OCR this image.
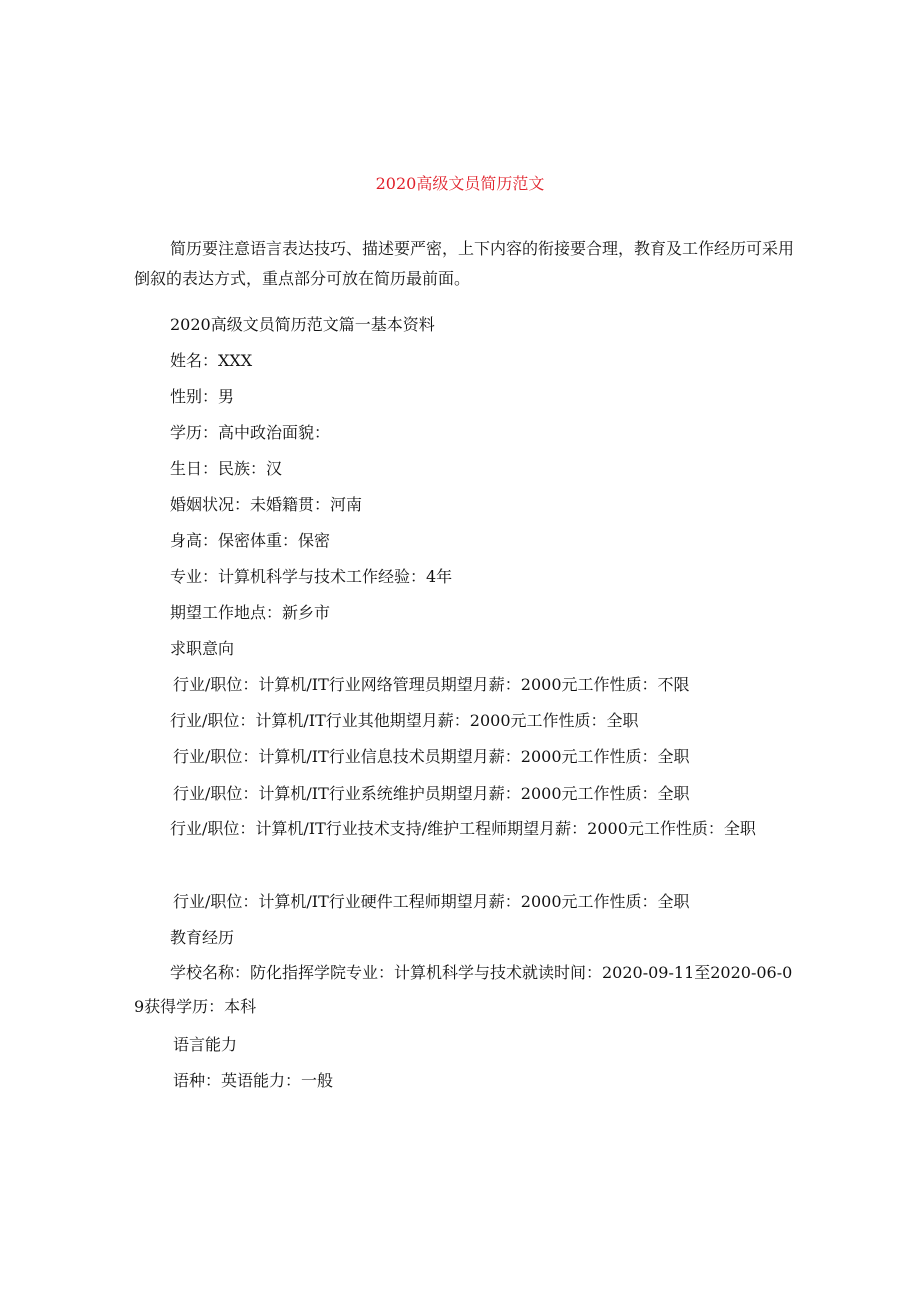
2020高级文员简历范文

简历要注意语言表达技巧、描述要严密，上下内容的衔接要合理，教育及工作经历可采用倒叙的表达方式，重点部分可放在简历最前面。

2020高级文员简历范文篇一基本资料
姓名：XXX
性别：男
学历：高中政治面貌：
生日：民族：汉
婚姻状况：未婚籍贯：河南
身高：保密体重：保密
专业：计算机科学与技术工作经验：4年
期望工作地点：新乡市
求职意向
行业/职位：计算机/IT行业网络管理员期望月薪：2000元工作性质：不限
行业/职位：计算机/IT行业其他期望月薪：2000元工作性质：全职
行业/职位：计算机/IT行业信息技术员期望月薪：2000元工作性质：全职
行业/职位：计算机/IT行业系统维护员期望月薪：2000元工作性质：全职

行业/职位：计算机/IT行业技术支持/维护工程师期望月薪：2000元工作性质：全职

行业/职位：计算机/IT行业硬件工程师期望月薪：2000元工作性质：全职
教育经历

学校名称：防化指挥学院专业：计算机科学与技术就读时间：2020-09-11至2020-06-09获得学历：本科

语言能力
语种：英语能力：一般
